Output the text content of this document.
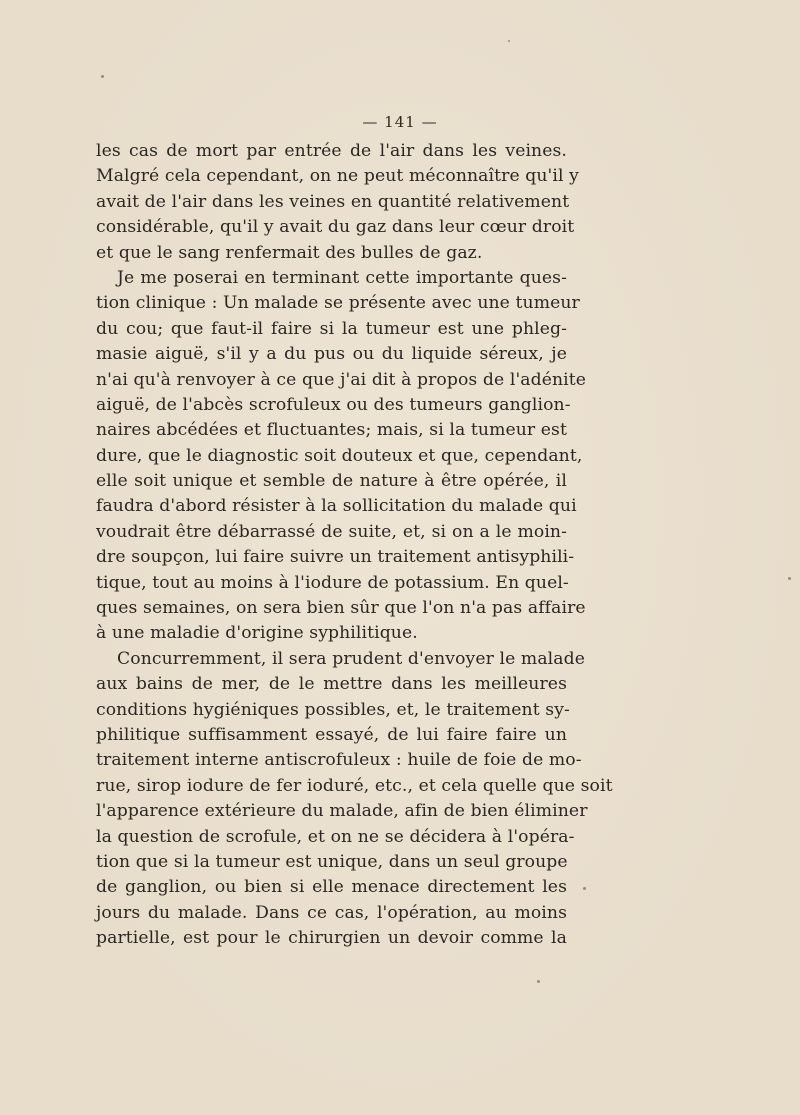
— 141 —
les cas de mort par entrée de l'air dans les veines.
Malgré cela cependant, on ne peut méconnaître qu'il y
avait de l'air dans les veines en quantité relativement
considérable, qu'il y avait du gaz dans leur cœur droit
et que le sang renfermait des bulles de gaz.
Je me poserai en terminant cette importante ques-
tion clinique : Un malade se présente avec une tumeur
du cou; que faut-il faire si la tumeur est une phleg-
masie aiguë, s'il y a du pus ou du liquide séreux, je
n'ai qu'à renvoyer à ce que j'ai dit à propos de l'adénite
aiguë, de l'abcès scrofuleux ou des tumeurs ganglion-
naires abcédées et fluctuantes; mais, si la tumeur est
dure, que le diagnostic soit douteux et que, cependant,
elle soit unique et semble de nature à être opérée, il
faudra d'abord résister à la sollicitation du malade qui
voudrait être débarrassé de suite, et, si on a le moin-
dre soupçon, lui faire suivre un traitement antisyphili-
tique, tout au moins à l'iodure de potassium. En quel-
ques semaines, on sera bien sûr que l'on n'a pas affaire
à une maladie d'origine syphilitique.
Concurremment, il sera prudent d'envoyer le malade
aux bains de mer, de le mettre dans les meilleures
conditions hygiéniques possibles, et, le traitement sy-
philitique suffisamment essayé, de lui faire faire un
traitement interne antiscrofuleux : huile de foie de mo-
rue, sirop iodure de fer ioduré, etc., et cela quelle que soit
l'apparence extérieure du malade, afin de bien éliminer
la question de scrofule, et on ne se décidera à l'opéra-
tion que si la tumeur est unique, dans un seul groupe
de ganglion, ou bien si elle menace directement les
jours du malade. Dans ce cas, l'opération, au moins
partielle, est pour le chirurgien un devoir comme la
